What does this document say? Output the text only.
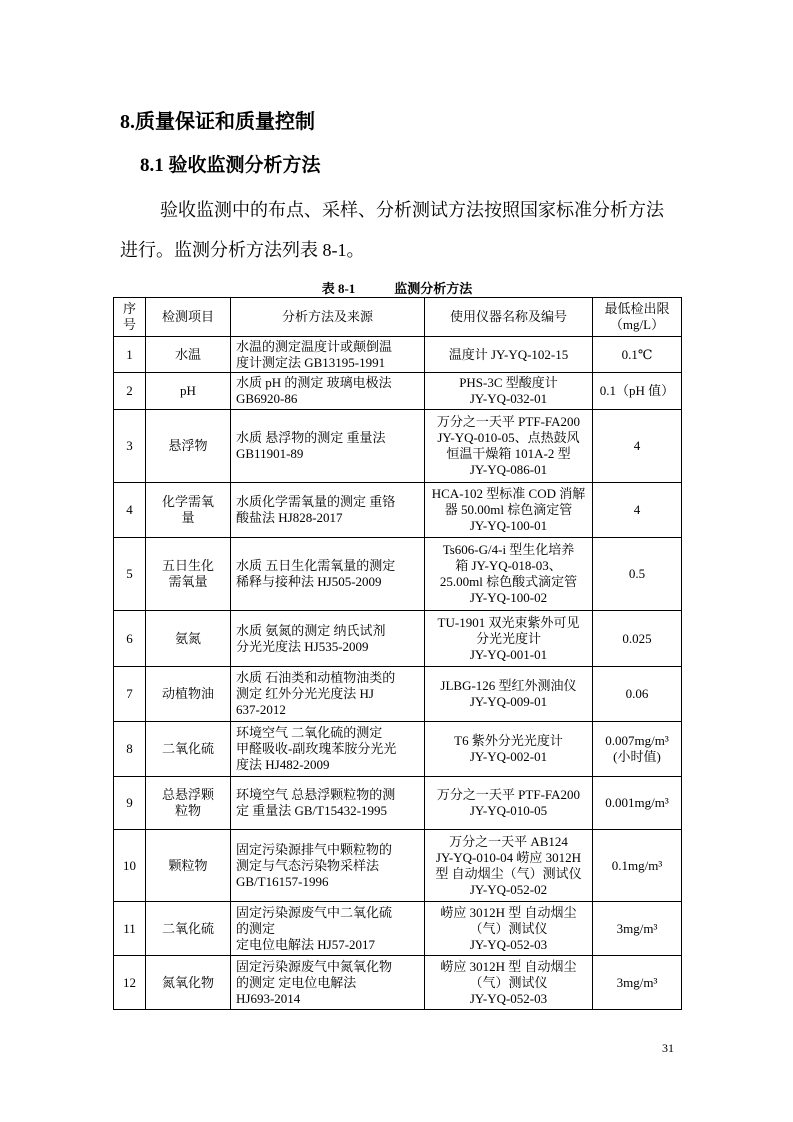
8.质量保证和质量控制
8.1 验收监测分析方法
验收监测中的布点、采样、分析测试方法按照国家标准分析方法进行。监测分析方法列表 8-1。
表 8-1            监测分析方法
序
号	检测项目	分析方法及来源	使用仪器名称及编号	最低检出限
（mg/L）
1	水温	水温的测定温度计或颠倒温
度计测定法 GB13195-1991	温度计 JY-YQ-102-15	0.1℃
2	pH	水质 pH 的测定 玻璃电极法
GB6920-86	PHS-3C 型酸度计
JY-YQ-032-01	0.1（pH 值）
3	悬浮物	水质 悬浮物的测定 重量法
GB11901-89	万分之一天平 PTF-FA200
JY-YQ-010-05、点热鼓风
恒温干燥箱 101A-2 型
JY-YQ-086-01	4
4	化学需氧
量	水质化学需氧量的测定 重铬
酸盐法 HJ828-2017	HCA-102 型标准 COD 消解
器 50.00ml 棕色滴定管
JY-YQ-100-01	4
5	五日生化
需氧量	水质 五日生化需氧量的测定
稀释与接种法 HJ505-2009	Ts606-G/4-i 型生化培养
箱 JY-YQ-018-03、
25.00ml 棕色酸式滴定管
JY-YQ-100-02	0.5
6	氨氮	水质 氨氮的测定 纳氏试剂
分光光度法 HJ535-2009	TU-1901 双光束紫外可见
分光光度计
JY-YQ-001-01	0.025
7	动植物油	水质 石油类和动植物油类的
测定 红外分光光度法 HJ
637-2012	JLBG-126 型红外测油仪
JY-YQ-009-01	0.06
8	二氧化硫	环境空气 二氧化硫的测定
甲醛吸收-副玫瑰苯胺分光光
度法 HJ482-2009	T6 紫外分光光度计
JY-YQ-002-01	0.007mg/m³
(小时值)
9	总悬浮颗
粒物	环境空气 总悬浮颗粒物的测
定 重量法 GB/T15432-1995	万分之一天平 PTF-FA200
JY-YQ-010-05	0.001mg/m³
10	颗粒物	固定污染源排气中颗粒物的
测定与气态污染物采样法
GB/T16157-1996	万分之一天平 AB124
JY-YQ-010-04 崂应 3012H
型 自动烟尘（气）测试仪
JY-YQ-052-02	0.1mg/m³
11	二氧化硫	固定污染源废气中二氧化硫
的测定
定电位电解法 HJ57-2017	崂应 3012H 型 自动烟尘
（气）测试仪
JY-YQ-052-03	3mg/m³
12	氮氧化物	固定污染源废气中氮氧化物
的测定 定电位电解法
HJ693-2014	崂应 3012H 型 自动烟尘
（气）测试仪
JY-YQ-052-03	3mg/m³
31
